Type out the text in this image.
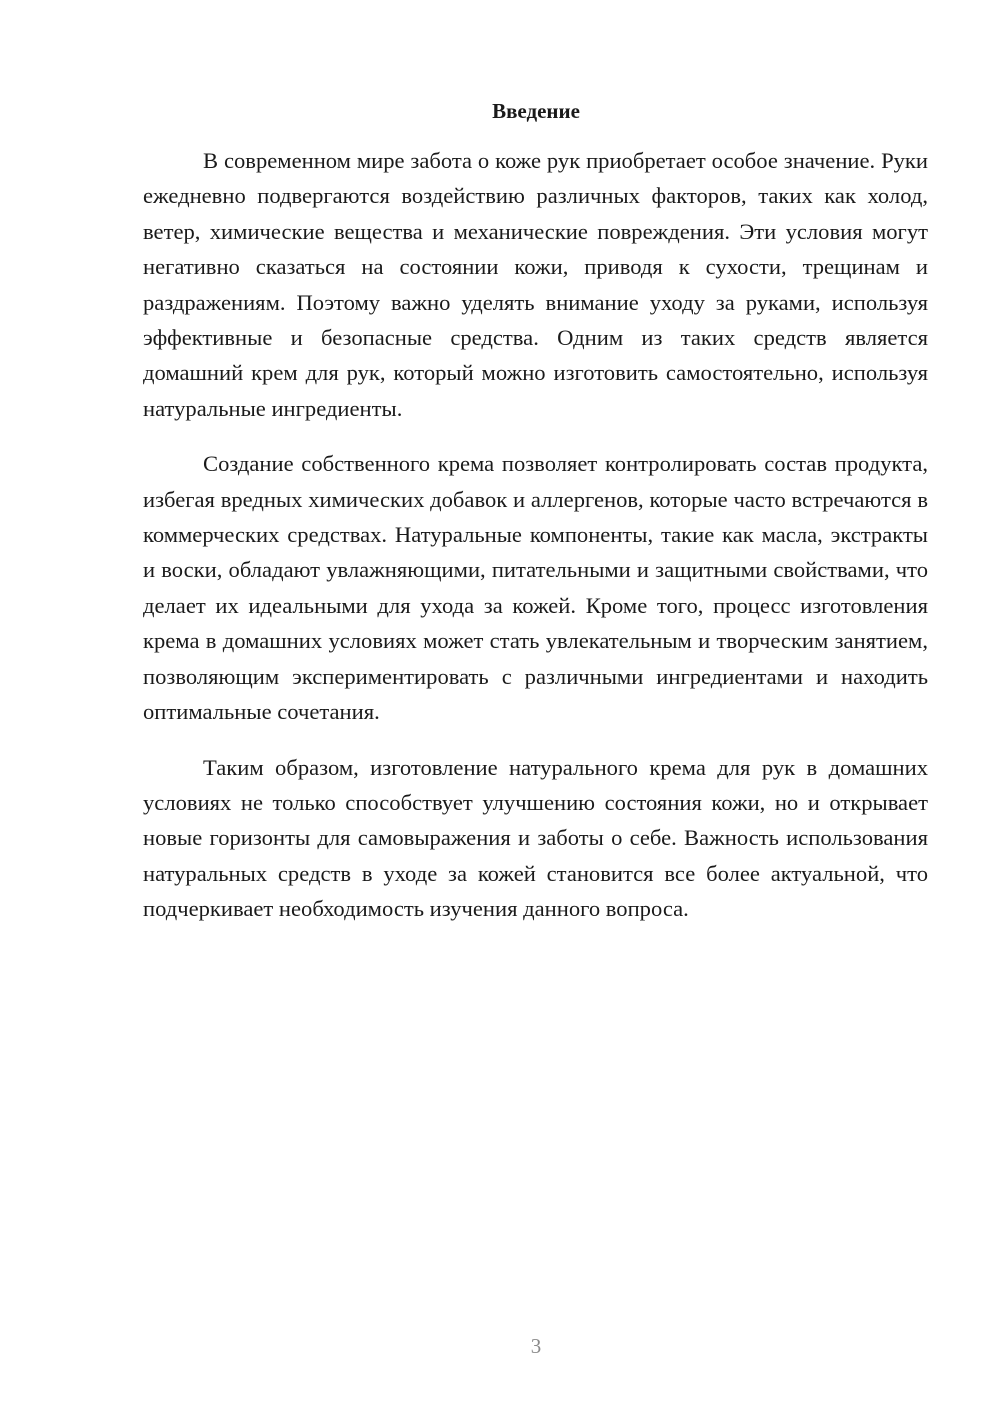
Введение

В современном мире забота о коже рук приобретает особое значение. Руки ежедневно подвергаются воздействию различных факторов, таких как холод, ветер, химические вещества и механические повреждения. Эти условия могут негативно сказаться на состоянии кожи, приводя к сухости, трещинам и раздражениям. Поэтому важно уделять внимание уходу за руками, используя эффективные и безопасные средства. Одним из таких средств является домашний крем для рук, который можно изготовить самостоятельно, используя натуральные ингредиенты.

Создание собственного крема позволяет контролировать состав продукта, избегая вредных химических добавок и аллергенов, которые часто встречаются в коммерческих средствах. Натуральные компоненты, такие как масла, экстракты и воски, обладают увлажняющими, питательными и защитными свойствами, что делает их идеальными для ухода за кожей. Кроме того, процесс изготовления крема в домашних условиях может стать увлекательным и творческим занятием, позволяющим экспериментировать с различными ингредиентами и находить оптимальные сочетания.

Таким образом, изготовление натурального крема для рук в домашних условиях не только способствует улучшению состояния кожи, но и открывает новые горизонты для самовыражения и заботы о себе. Важность использования натуральных средств в уходе за кожей становится все более актуальной, что подчеркивает необходимость изучения данного вопроса.

3
